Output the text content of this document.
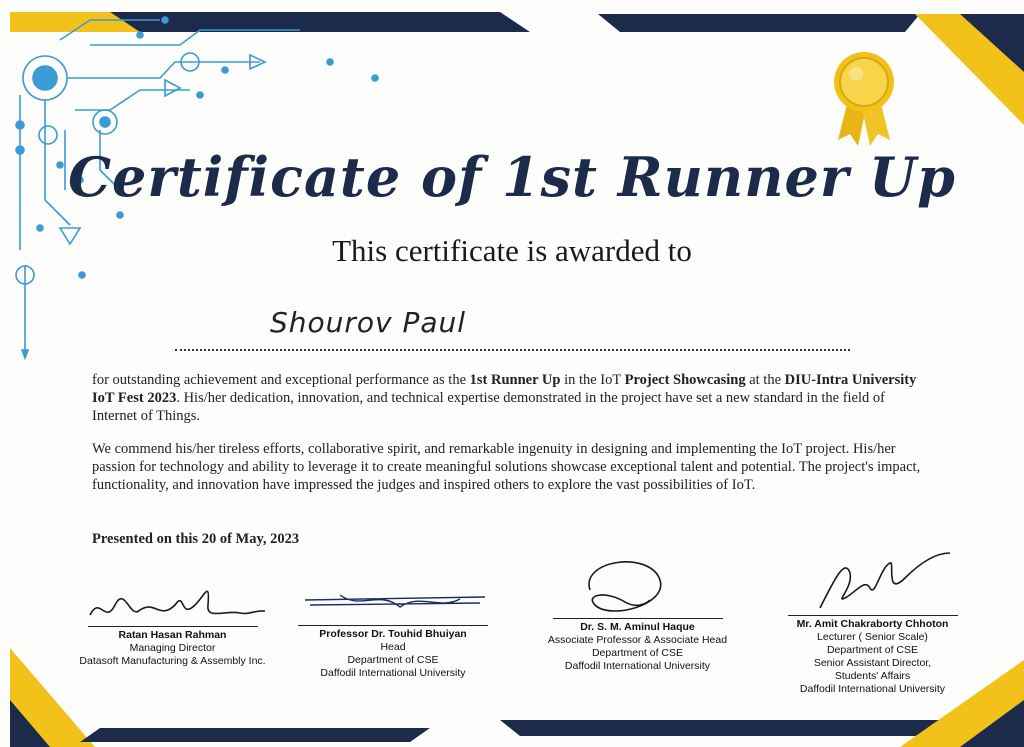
Certificate of 1st Runner Up
This certificate is awarded to
Shourov Paul
for outstanding achievement and exceptional performance as the 1st Runner Up in the IoT Project Showcasing at the DIU-Intra University IoT Fest 2023. His/her dedication, innovation, and technical expertise demonstrated in the project have set a new standard in the field of Internet of Things.
We commend his/her tireless efforts, collaborative spirit, and remarkable ingenuity in designing and implementing the IoT project. His/her passion for technology and ability to leverage it to create meaningful solutions showcase exceptional talent and potential. The project's impact, functionality, and innovation have impressed the judges and inspired others to explore the vast possibilities of IoT.
Presented on this 20 of May, 2023
Ratan Hasan Rahman
Managing Director
Datasoft Manufacturing & Assembly Inc.
Professor Dr. Touhid Bhuiyan
Head
Department of CSE
Daffodil International University
Dr. S. M. Aminul Haque
Associate Professor & Associate Head
Department of CSE
Daffodil International University
Mr. Amit Chakraborty Chhoton
Lecturer ( Senior Scale)
Department of CSE
Senior Assistant Director,
Students' Affairs
Daffodil International University
